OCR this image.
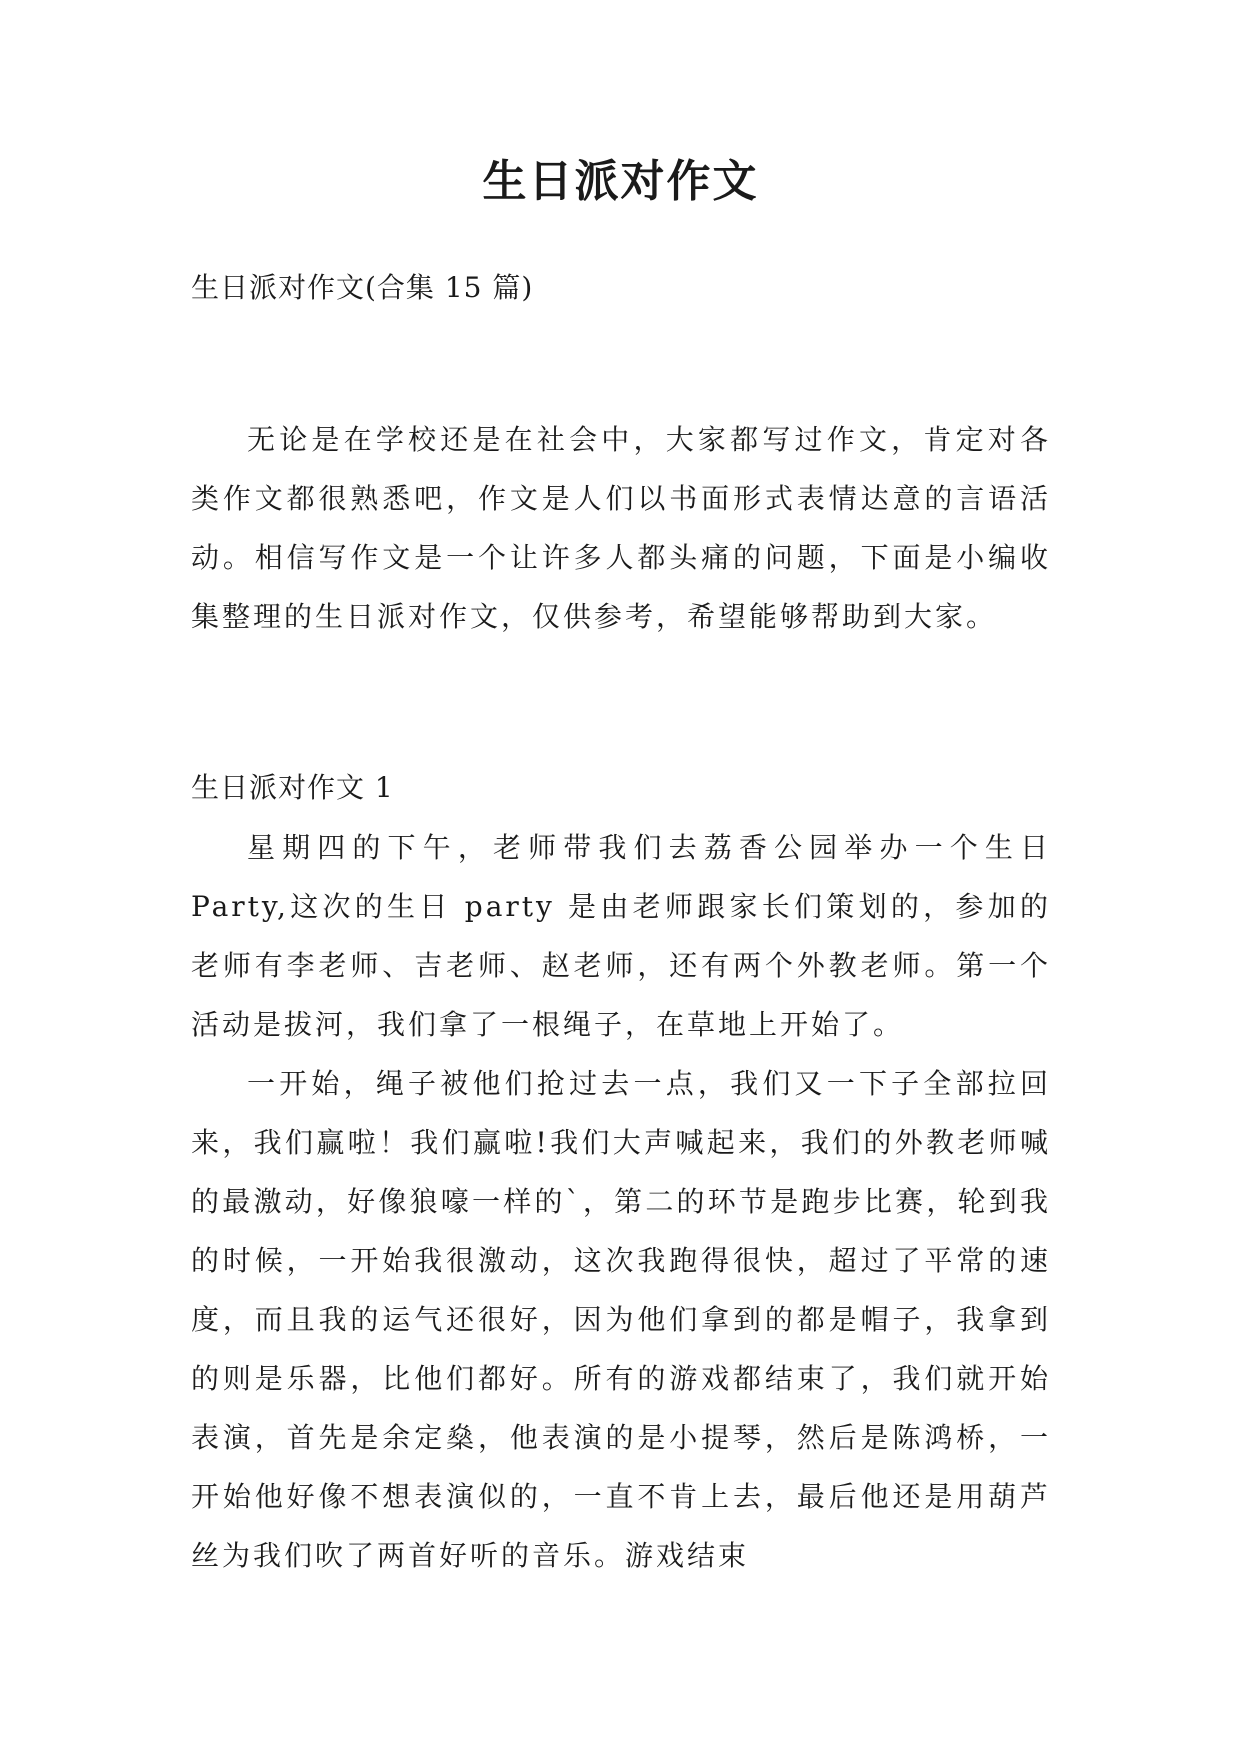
生日派对作文

生日派对作文(合集 15 篇)

无论是在学校还是在社会中，大家都写过作文，肯定对各类作文都很熟悉吧，作文是人们以书面形式表情达意的言语活动。相信写作文是一个让许多人都头痛的问题，下面是小编收集整理的生日派对作文，仅供参考，希望能够帮助到大家。

生日派对作文 1

星期四的下午，老师带我们去荔香公园举办一个生日 Party,这次的生日 party 是由老师跟家长们策划的，参加的老师有李老师、吉老师、赵老师，还有两个外教老师。第一个活动是拔河，我们拿了一根绳子，在草地上开始了。

一开始，绳子被他们抢过去一点，我们又一下子全部拉回来，我们赢啦！我们赢啦!我们大声喊起来，我们的外教老师喊的最激动，好像狼嚎一样的`，第二的环节是跑步比赛，轮到我的时候，一开始我很激动，这次我跑得很快，超过了平常的速度，而且我的运气还很好，因为他们拿到的都是帽子，我拿到的则是乐器，比他们都好。所有的游戏都结束了，我们就开始表演，首先是余定燊，他表演的是小提琴，然后是陈鸿桥，一开始他好像不想表演似的，一直不肯上去，最后他还是用葫芦丝为我们吹了两首好听的音乐。游戏结束
